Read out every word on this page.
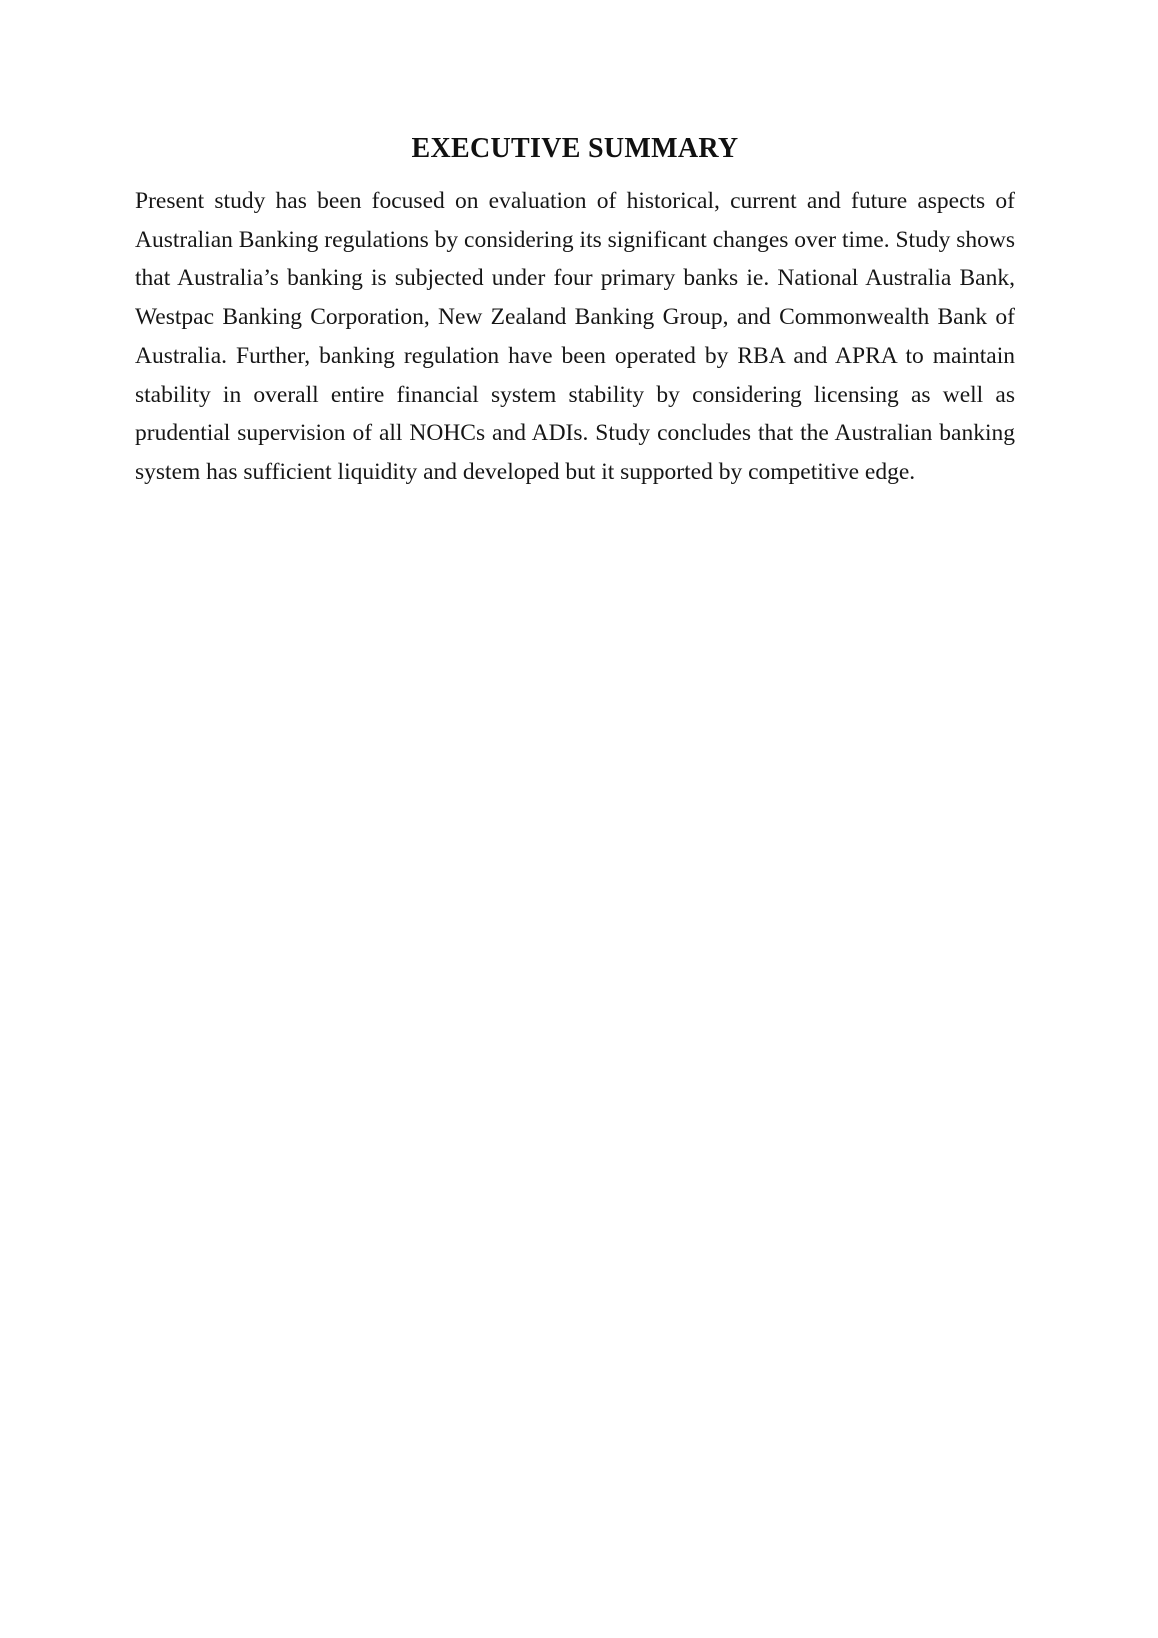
EXECUTIVE SUMMARY
Present study has been focused on evaluation of historical, current and future aspects of
Australian Banking regulations by considering its significant changes over time. Study shows
that Australia’s banking is subjected under four primary banks ie. National Australia Bank,
Westpac Banking Corporation, New Zealand Banking Group, and Commonwealth Bank of
Australia. Further, banking regulation have been operated by RBA and APRA to maintain
stability in overall entire financial system stability by considering licensing as well as
prudential supervision of all NOHCs and ADIs. Study concludes that the Australian banking
system has sufficient liquidity and developed but it supported by competitive edge.
